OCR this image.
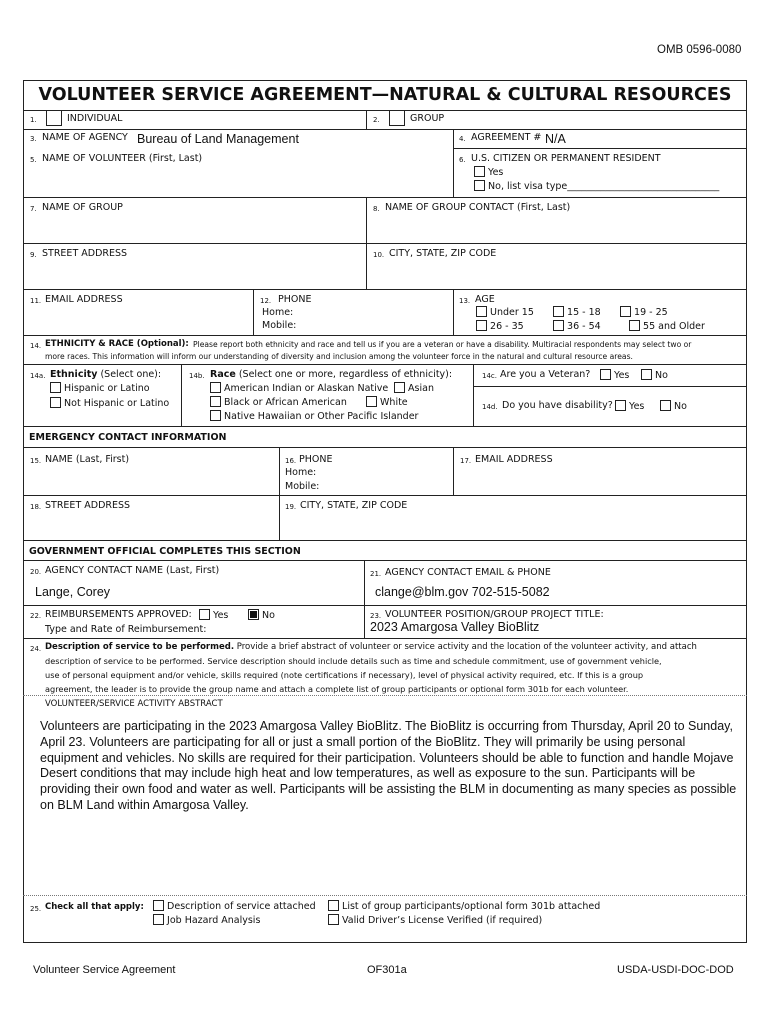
OMB 0596-0080
VOLUNTEER SERVICE AGREEMENT—NATURAL & CULTURAL RESOURCES
1.	INDIVIDUAL	2.	GROUP
3. NAME OF AGENCY Bureau of Land Management	4. AGREEMENT # N/A
5. NAME OF VOLUNTEER (First, Last)	6. U.S. CITIZEN OR PERMANENT RESIDENT
Yes
No, list visa type________________________________
7. NAME OF GROUP	8. NAME OF GROUP CONTACT (First, Last)
9. STREET ADDRESS	10. CITY, STATE, ZIP CODE
11. EMAIL ADDRESS	12. PHONE
Home:
Mobile:
13. AGE
Under 15	15 - 18	19 - 25
26 - 35	36 - 54	55 and Older
14. ETHNICITY & RACE (Optional): Please report both ethnicity and race and tell us if you are a veteran or have a disability. Multiracial respondents may select two or
more races. This information will inform our understanding of diversity and inclusion among the volunteer force in the natural and cultural resource areas.
14a. Ethnicity (Select one):
Hispanic or Latino
Not Hispanic or Latino
14b. Race (Select one or more, regardless of ethnicity):
American Indian or Alaskan Native	Asian
Black or African American	White
Native Hawaiian or Other Pacific Islander
14c. Are you a Veteran?	Yes	No
14d. Do you have disability?	Yes	No
EMERGENCY CONTACT INFORMATION
15. NAME (Last, First)	16. PHONE
Home:
Mobile:
17. EMAIL ADDRESS
18. STREET ADDRESS	19. CITY, STATE, ZIP CODE
GOVERNMENT OFFICIAL COMPLETES THIS SECTION
20. AGENCY CONTACT NAME (Last, First)
Lange, Corey
21. AGENCY CONTACT EMAIL & PHONE
clange@blm.gov 702-515-5082
22. REIMBURSEMENTS APPROVED:	Yes	No
Type and Rate of Reimbursement:
23. VOLUNTEER POSITION/GROUP PROJECT TITLE:
2023 Amargosa Valley BioBlitz
24. Description of service to be performed. Provide a brief abstract of volunteer or service activity and the location of the volunteer activity, and attach
description of service to be performed. Service description should include details such as time and schedule commitment, use of government vehicle,
use of personal equipment and/or vehicle, skills required (note certifications if necessary), level of physical activity required, etc. If this is a group
agreement, the leader is to provide the group name and attach a complete list of group participants or optional form 301b for each volunteer.
VOLUNTEER/SERVICE ACTIVITY ABSTRACT
Volunteers are participating in the 2023 Amargosa Valley BioBlitz. The BioBlitz is occurring from Thursday, April 20 to Sunday, April 23. Volunteers are participating for all or just a small portion of the BioBlitz. They will primarily be using personal equipment and vehicles. No skills are required for their participation. Volunteers should be able to function and handle Mojave Desert conditions that may include high heat and low temperatures, as well as exposure to the sun. Participants will be providing their own food and water as well. Participants will be assisting the BLM in documenting as many species as possible on BLM Land within Amargosa Valley.
25. Check all that apply:	Description of service attached
Job Hazard Analysis
List of group participants/optional form 301b attached
Valid Driver’s License Verified (if required)
Volunteer Service Agreement	OF301a	USDA-USDI-DOC-DOD
